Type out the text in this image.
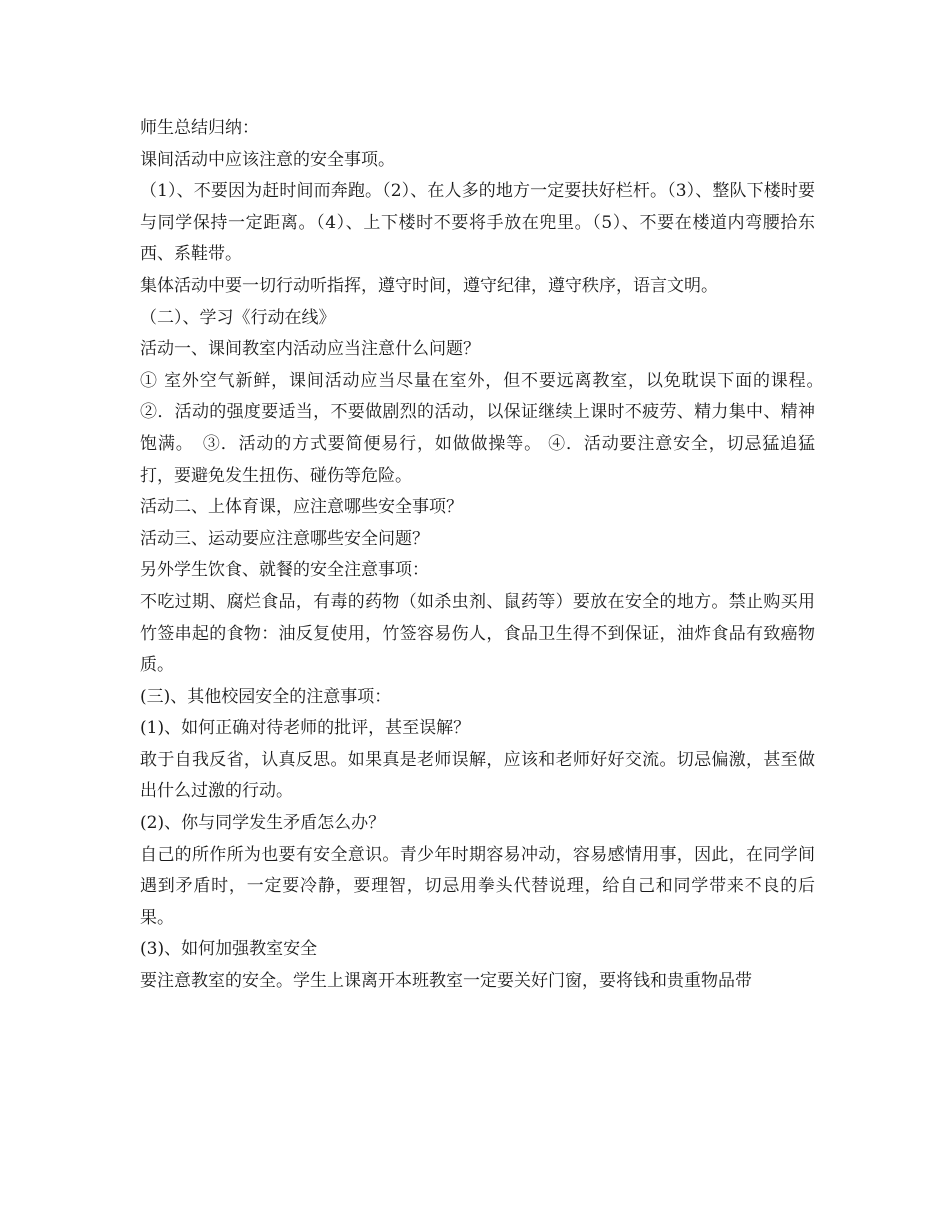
师生总结归纳：

课间活动中应该注意的安全事项。

（1）、不要因为赶时间而奔跑。（2）、在人多的地方一定要扶好栏杆。（3）、整队下楼时要与同学保持一定距离。（4）、上下楼时不要将手放在兜里。（5）、不要在楼道内弯腰拾东西、系鞋带。

集体活动中要一切行动听指挥，遵守时间，遵守纪律，遵守秩序，语言文明。

（二）、学习《行动在线》

活动一、课间教室内活动应当注意什么问题？

① 室外空气新鲜，课间活动应当尽量在室外，但不要远离教室，以免耽误下面的课程。　　 ②．活动的强度要适当，不要做剧烈的活动，以保证继续上课时不疲劳、精力集中、精神饱满。　③．活动的方式要简便易行，如做做操等。 ④．活动要注意安全，切忌猛追猛打，要避免发生扭伤、碰伤等危险。

活动二、上体育课，应注意哪些安全事项？

活动三、运动要应注意哪些安全问题？

另外学生饮食、就餐的安全注意事项：

不吃过期、腐烂食品，有毒的药物（如杀虫剂、鼠药等）要放在安全的地方。禁止购买用竹签串起的食物：油反复使用，竹签容易伤人，食品卫生得不到保证，油炸食品有致癌物质。

(三)、其他校园安全的注意事项：

(1)、如何正确对待老师的批评，甚至误解？

敢于自我反省，认真反思。如果真是老师误解，应该和老师好好交流。切忌偏激，甚至做出什么过激的行动。

(2)、你与同学发生矛盾怎么办？

自己的所作所为也要有安全意识。青少年时期容易冲动，容易感情用事，因此，在同学间遇到矛盾时，一定要冷静，要理智，切忌用拳头代替说理，给自己和同学带来不良的后果。

(3)、如何加强教室安全

要注意教室的安全。学生上课离开本班教室一定要关好门窗，要将钱和贵重物品带
